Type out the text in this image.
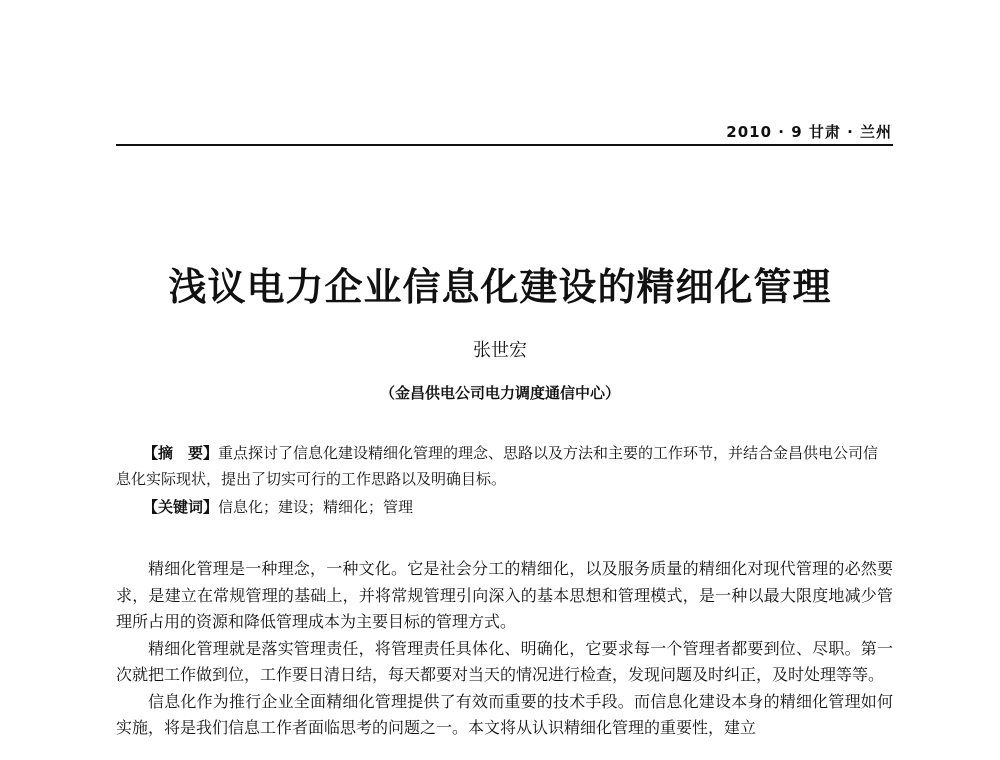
2010 · 9 甘肃 · 兰州
浅议电力企业信息化建设的精细化管理
张世宏
（金昌供电公司电力调度通信中心）
【摘　要】重点探讨了信息化建设精细化管理的理念、思路以及方法和主要的工作环节，并结合金昌供电公司信息化实际现状，提出了切实可行的工作思路以及明确目标。
【关键词】信息化；建设；精细化；管理

精细化管理是一种理念，一种文化。它是社会分工的精细化，以及服务质量的精细化对现代管理的必然要求，是建立在常规管理的基础上，并将常规管理引向深入的基本思想和管理模式，是一种以最大限度地减少管理所占用的资源和降低管理成本为主要目标的管理方式。

精细化管理就是落实管理责任，将管理责任具体化、明确化，它要求每一个管理者都要到位、尽职。第一次就把工作做到位，工作要日清日结，每天都要对当天的情况进行检查，发现问题及时纠正，及时处理等等。

信息化作为推行企业全面精细化管理提供了有效而重要的技术手段。而信息化建设本身的精细化管理如何实施，将是我们信息工作者面临思考的问题之一。本文将从认识精细化管理的重要性，建立
